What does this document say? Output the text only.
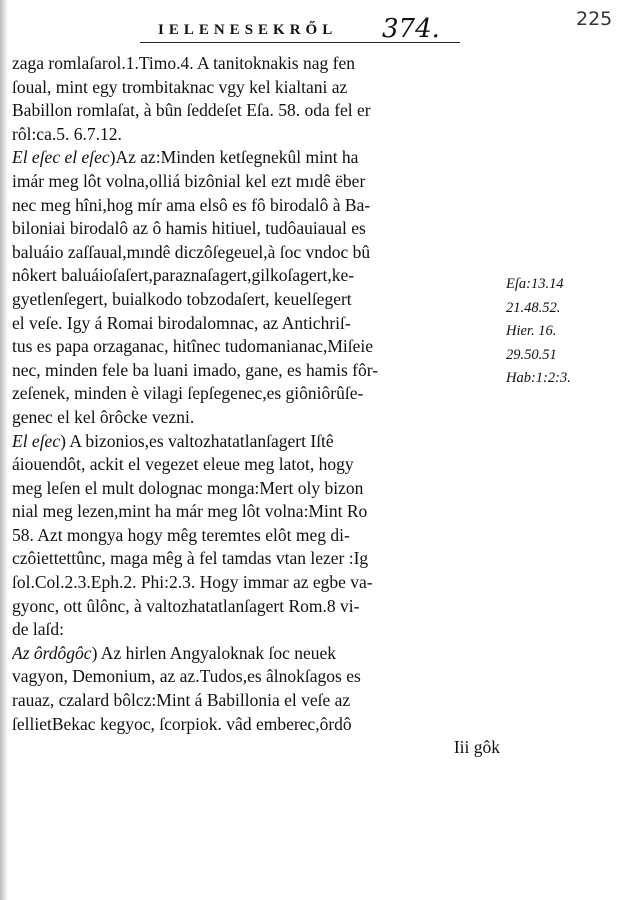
IELENESEKRŐL 374.	225
zaga romlaſarol.1.Timo.4. A tanitoknakis nag fen
ſoual, mint egy trombitaknac vgy kel kialtani az
Babillon romlaſat, à bûn ſeddeſet Eſa. 58. oda fel er
rôl:ca.5. 6.7.12.
El eſec el eſec)Az az:Minden ketſegnekûl mint ha
imár meg lôt volna,olliá bizônial kel ezt mıdê ëber
nec meg hîni,hog mír ama elsô es fô birodalô à Ba-
biloniai birodalô az ô hamis hitiuel, tudôauiaual es
baluáio zaſſaual,mındê diczôſegeuel,à ſoc vndoc bû
nôkert baluáioſaſert,paraznaſagert,gilkoſagert,ke-
gyetlenſegert, buialkodo tobzodaſert, keuelſegert
el veſe. Igy á Romai birodalomnac, az Antichriſ-
tus es papa orzaganac, hitînec tudomanianac,Miſeie
nec, minden fele ba luani imado, gane, es hamis fôr-
zeſenek, minden è vilagi ſepſegenec,es giôniôrûſe-
genec el kel ôrôcke vezni.
El eſec) A bizonios,es valtozhatatlanſagert Iſtê
áiouendôt, ackit el vegezet eleue meg latot, hogy
meg leſen el mult dolognac monga:Mert oly bizon
nial meg lezen,mint ha már meg lôt volna:Mint Ro
58. Azt mongya hogy mêg teremtes elôt meg di-
czôiettettûnc, maga mêg à fel tamdas vtan lezer :Ig
ſol.Col.2.3.Eph.2. Phi:2.3. Hogy immar az egbe va-
gyonc, ott ûlônc, à valtozhatatlanſagert Rom.8 vi-
de laſd:
Az ôrdôgôc) Az hirlen Angyaloknak ſoc neuek
vagyon, Demonium, az az.Tudos,es âlnokſagos es
rauaz, czalard bôlcz:Mint á Babillonia el veſe az
ſellietBekac kegyoc, ſcorpiok. vâd emberec,ôrdô
Iii gôk
Eſa:13.14
21.48.52.
Hier. 16.
29.50.51
Hab:1:2:3.
